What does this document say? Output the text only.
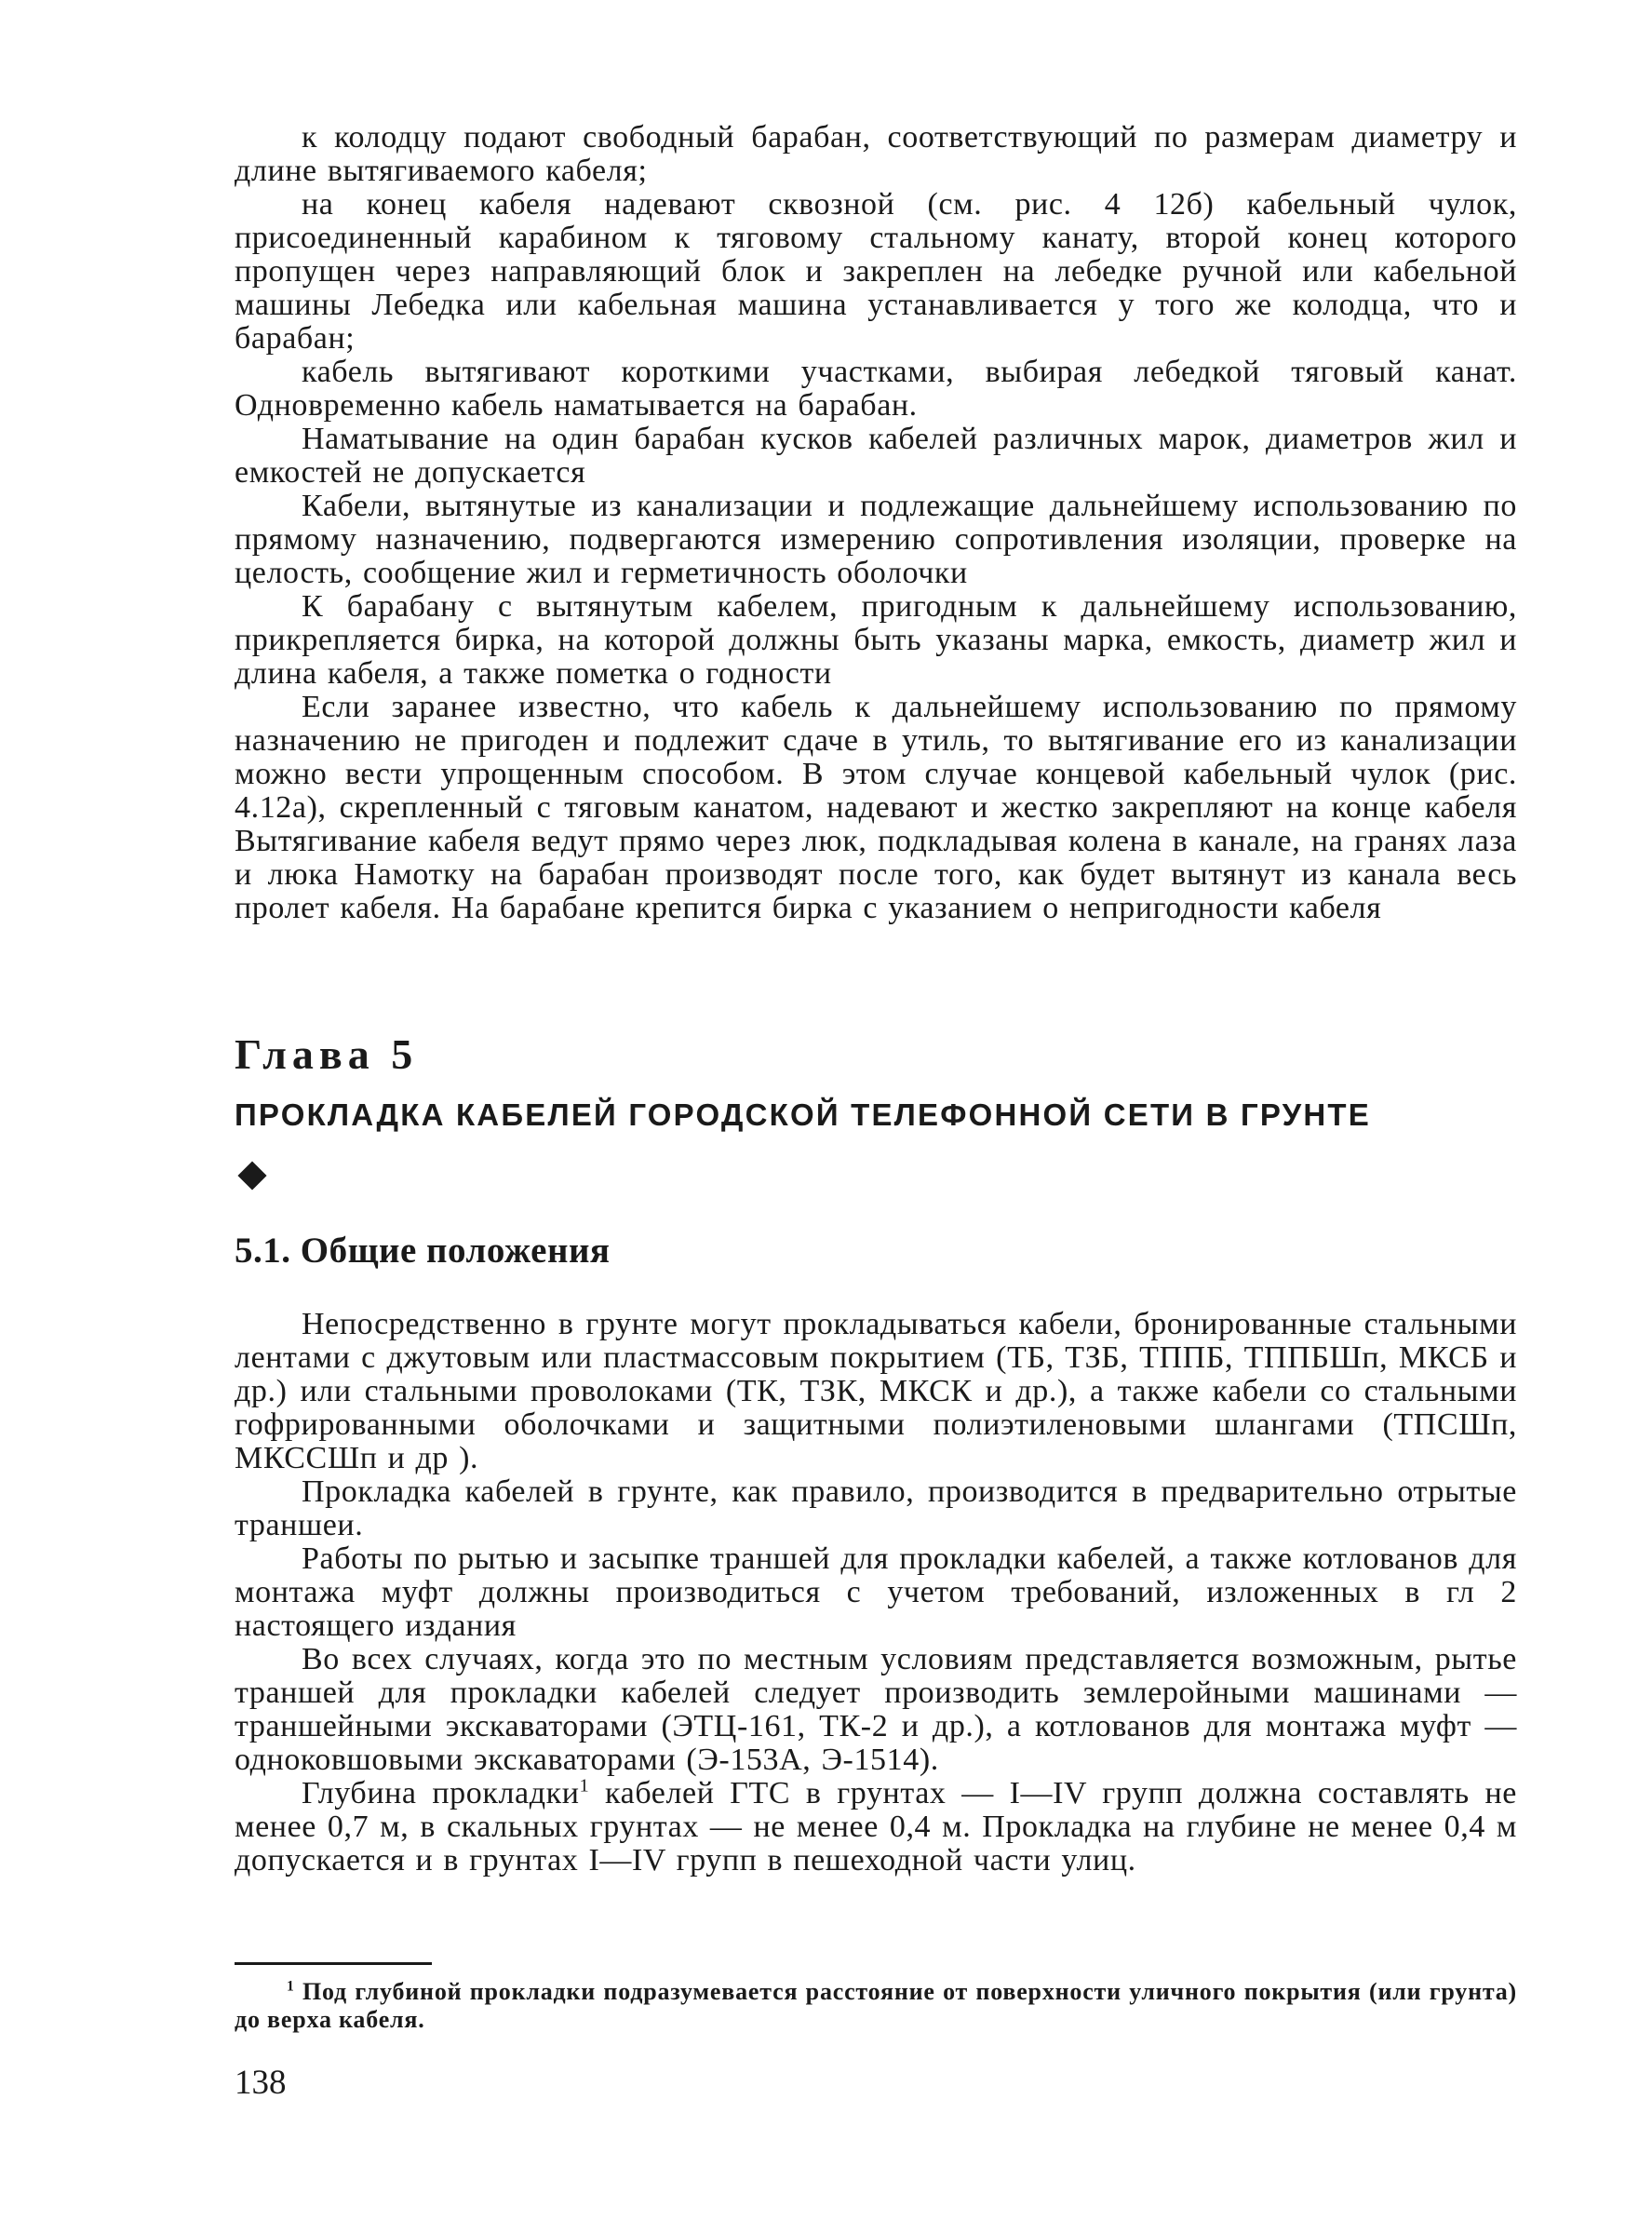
к колодцу подают свободный барабан, соответствующий по размерам диаметру и длине вытягиваемого кабеля;

на конец кабеля надевают сквозной (см. рис. 4 12б) кабельный чулок, присоединенный карабином к тяговому стальному канату, второй конец которого пропущен через направляющий блок и закреплен на лебедке ручной или кабельной машины Лебедка или кабельная машина устанавливается у того же колодца, что и барабан;

кабель вытягивают короткими участками, выбирая лебедкой тяговый канат. Одновременно кабель наматывается на барабан.

Наматывание на один барабан кусков кабелей различных марок, диаметров жил и емкостей не допускается

Кабели, вытянутые из канализации и подлежащие дальнейшему использованию по прямому назначению, подвергаются измерению сопротивления изоляции, проверке на целость, сообщение жил и герметичность оболочки

К барабану с вытянутым кабелем, пригодным к дальнейшему использованию, прикрепляется бирка, на которой должны быть указаны марка, емкость, диаметр жил и длина кабеля, а также пометка о годности

Если заранее известно, что кабель к дальнейшему использованию по прямому назначению не пригоден и подлежит сдаче в утиль, то вытягивание его из канализации можно вести упрощенным способом. В этом случае концевой кабельный чулок (рис. 4.12а), скрепленный с тяговым канатом, надевают и жестко закрепляют на конце кабеля Вытягивание кабеля ведут прямо через люк, подкладывая колена в канале, на гранях лаза и люка Намотку на барабан производят после того, как будет вытянут из канала весь пролет кабеля. На барабане крепится бирка с указанием о непригодности кабеля

Глава 5
ПРОКЛАДКА КАБЕЛЕЙ ГОРОДСКОЙ ТЕЛЕФОННОЙ СЕТИ В ГРУНТЕ
5.1. Общие положения

Непосредственно в грунте могут прокладываться кабели, бронированные стальными лентами с джутовым или пластмассовым покрытием (ТБ, ТЗБ, ТППБ, ТППБШп, МКСБ и др.) или стальными проволоками (ТК, ТЗК, МКСК и др.), а также кабели со стальными гофрированными оболочками и защитными полиэтиленовыми шлангами (ТПСШп, МКССШп и др ).

Прокладка кабелей в грунте, как правило, производится в предварительно отрытые траншеи.

Работы по рытью и засыпке траншей для прокладки кабелей, а также котлованов для монтажа муфт должны производиться с учетом требований, изложенных в гл 2 настоящего издания

Во всех случаях, когда это по местным условиям представляется возможным, рытье траншей для прокладки кабелей следует производить землеройными машинами — траншейными экскаваторами (ЭТЦ-161, ТК-2 и др.), а котлованов для монтажа муфт — одноковшовыми экскаваторами (Э-153А, Э-1514).

Глубина прокладки$^1$ кабелей ГТС в грунтах — I—IV групп должна составлять не менее 0,7 м, в скальных грунтах — не менее 0,4 м. Прокладка на глубине не менее 0,4 м допускается и в грунтах I—IV групп в пешеходной части улиц.

$^1$ Под глубиной прокладки подразумевается расстояние от поверхности уличного покрытия (или грунта) до верха кабеля.

138
